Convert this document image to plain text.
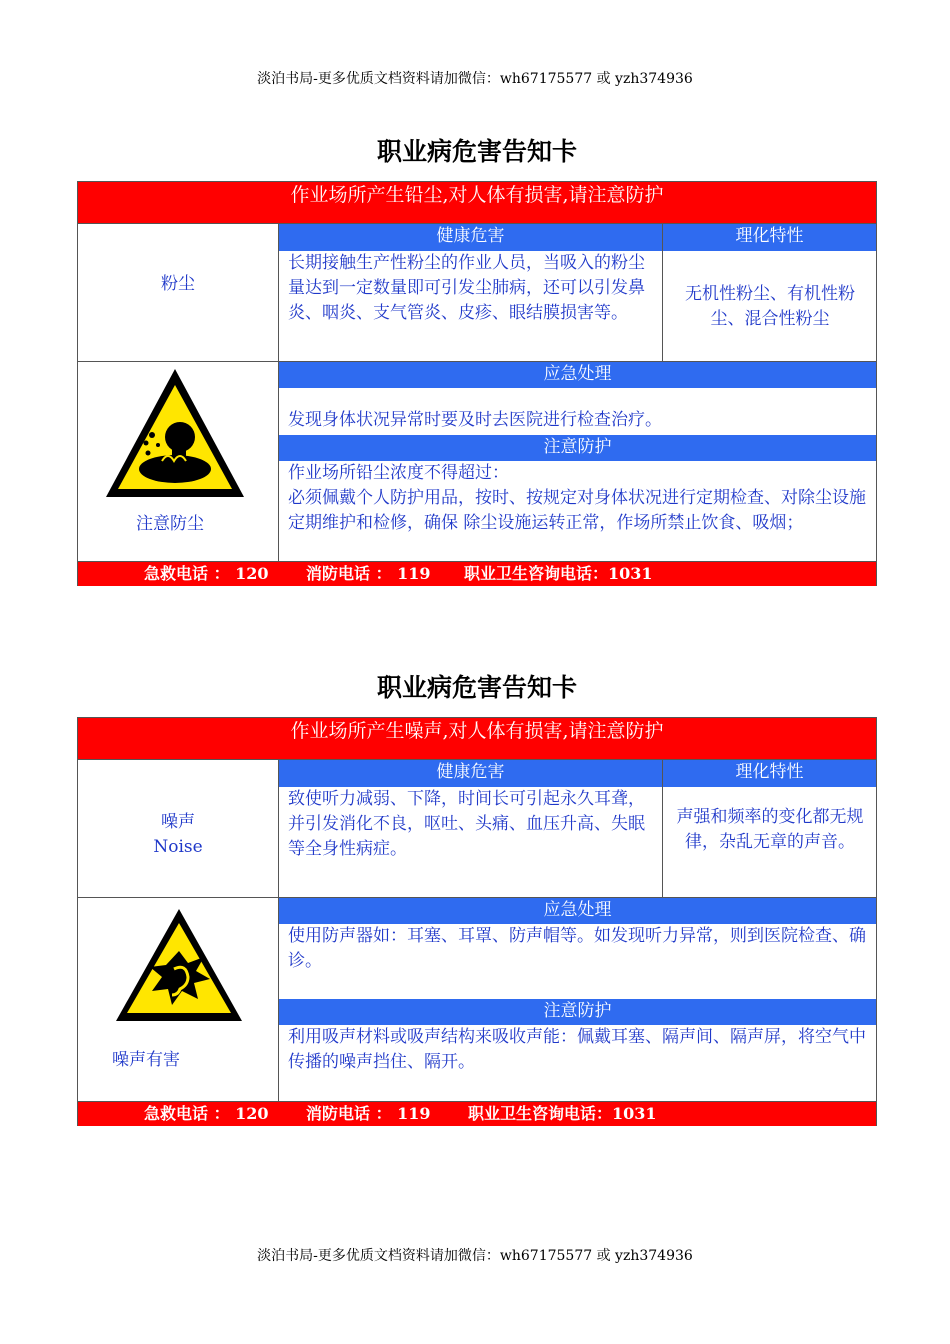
淡泊书局-更多优质文档资料请加微信：wh67175577 或 yzh374936
职业病危害告知卡
作业场所产生铅尘,对人体有损害,请注意防护
粉尘
健康危害
长期接触生产性粉尘的作业人员，当吸入的粉尘量达到一定数量即可引发尘肺病，还可以引发鼻炎、咽炎、支气管炎、皮疹、眼结膜损害等。
理化特性
无机性粉尘、有机性粉尘、混合性粉尘
注意防尘
应急处理
发现身体状况异常时要及时去医院进行检查治疗。
注意防护
作业场所铅尘浓度不得超过：
必须佩戴个人防护用品，按时、按规定对身体状况进行定期检查、对除尘设施定期维护和检修，确保 除尘设施运转正常，作场所禁止饮食、吸烟；
急救电话 ： 120 消防电话 ： 119 职业卫生咨询电话：1031
职业病危害告知卡
作业场所产生噪声,对人体有损害,请注意防护
噪声
Noise
健康危害
致使听力减弱、下降，时间长可引起永久耳聋，并引发消化不良，呕吐、头痛、血压升高、失眠等全身性病症。
理化特性
声强和频率的变化都无规律，杂乱无章的声音。
噪声有害
应急处理
使用防声器如：耳塞、耳罩、防声帽等。如发现听力异常，则到医院检查、确诊。
注意防护
利用吸声材料或吸声结构来吸收声能：佩戴耳塞、隔声间、隔声屏，将空气中传播的噪声挡住、隔开。
急救电话 ： 120 消防电话 ： 119 职业卫生咨询电话：1031
淡泊书局-更多优质文档资料请加微信：wh67175577 或 yzh374936
